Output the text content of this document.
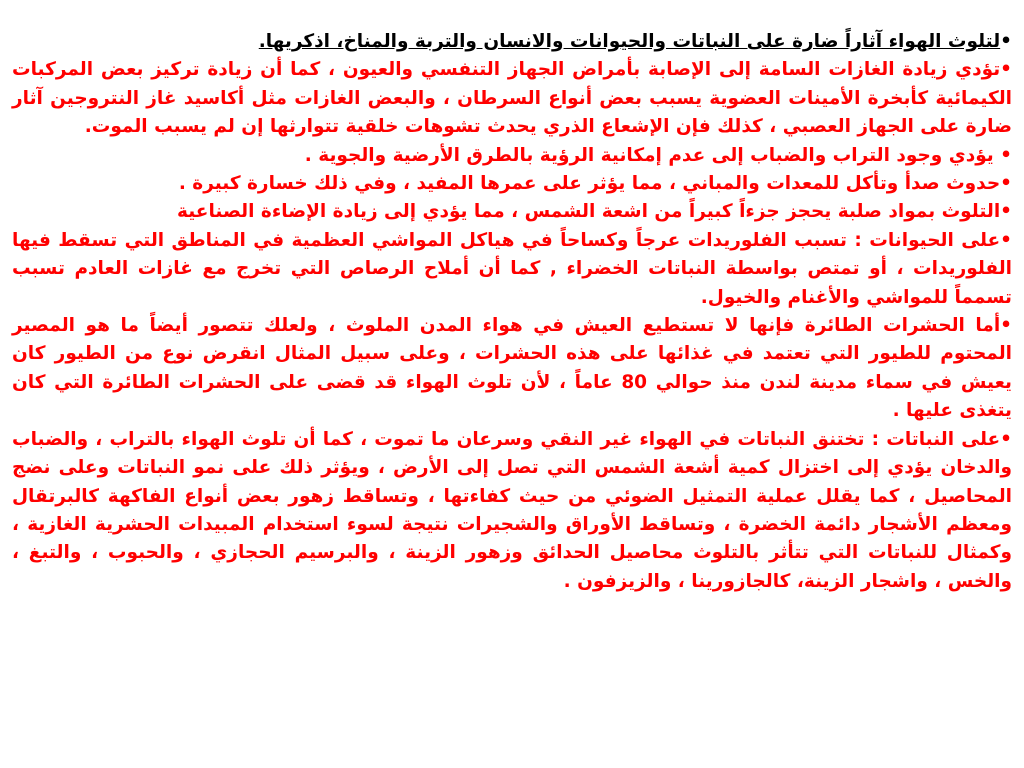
•لتلوث الهواء آثاراً ضارة على النباتات والحيوانات والانسان والتربة والمناخ، اذكريها.

•تؤدي زيادة الغازات السامة إلى الإصابة بأمراض الجهاز التنفسي والعيون ، كما أن زيادة تركيز بعض المركبات الكيمائية كأبخرة الأمينات العضوية يسبب بعض أنواع السرطان ، والبعض الغازات مثل أكاسيد غاز النتروجين آثار ضارة على الجهاز العصبي ، كذلك فإن الإشعاع الذري يحدث تشوهات خلقية تتوارثها إن لم يسبب الموت.

• يؤدي وجود التراب والضباب إلى عدم إمكانية الرؤية بالطرق الأرضية والجوية .

•حدوث صدأ وتأكل للمعدات والمباني ، مما يؤثر على عمرها المفيد ، وفي ذلك خسارة كبيرة .

•التلوث بمواد صلبة يحجز جزءاً كبيراً من اشعة الشمس ، مما يؤدي إلى زيادة الإضاءة الصناعية

•على الحيوانات : تسبب الفلوريدات عرجاً وكساحاً في هياكل المواشي العظمية في المناطق التي تسقط فيها الفلوريدات ، أو تمتص بواسطة النباتات الخضراء , كما أن أملاح الرصاص التي تخرج مع غازات العادم تسبب تسمماً للمواشي والأغنام والخيول.

•أما الحشرات الطائرة فإنها لا تستطيع العيش في هواء المدن الملوث ، ولعلك تتصور أيضاً ما هو المصير المحتوم للطيور التي تعتمد في غذائها على هذه الحشرات ، وعلى سبيل المثال انقرض نوع من الطيور كان يعيش في سماء مدينة لندن منذ حوالي 80 عاماً ، لأن تلوث الهواء قد قضى على الحشرات الطائرة التي كان يتغذى عليها .

•على النباتات : تختنق النباتات في الهواء غير النقي وسرعان ما تموت ، كما أن تلوث الهواء بالتراب ، والضباب والدخان يؤدي إلى اختزال كمية أشعة الشمس التي تصل إلى الأرض ، ويؤثر ذلك على نمو النباتات وعلى نضج المحاصيل ، كما يقلل عملية التمثيل الضوئي من حيث كفاءتها ، وتساقط زهور بعض أنواع الفاكهة كالبرتقال ومعظم الأشجار دائمة الخضرة ، وتساقط الأوراق والشجيرات نتيجة لسوء استخدام المبيدات الحشرية الغازية ، وكمثال للنباتات التي تتأثر بالتلوث محاصيل الحدائق وزهور الزينة ، والبرسيم الحجازي ، والحبوب ، والتبغ ، والخس ، واشجار الزينة، كالجازورينا ، والزيزفون .
